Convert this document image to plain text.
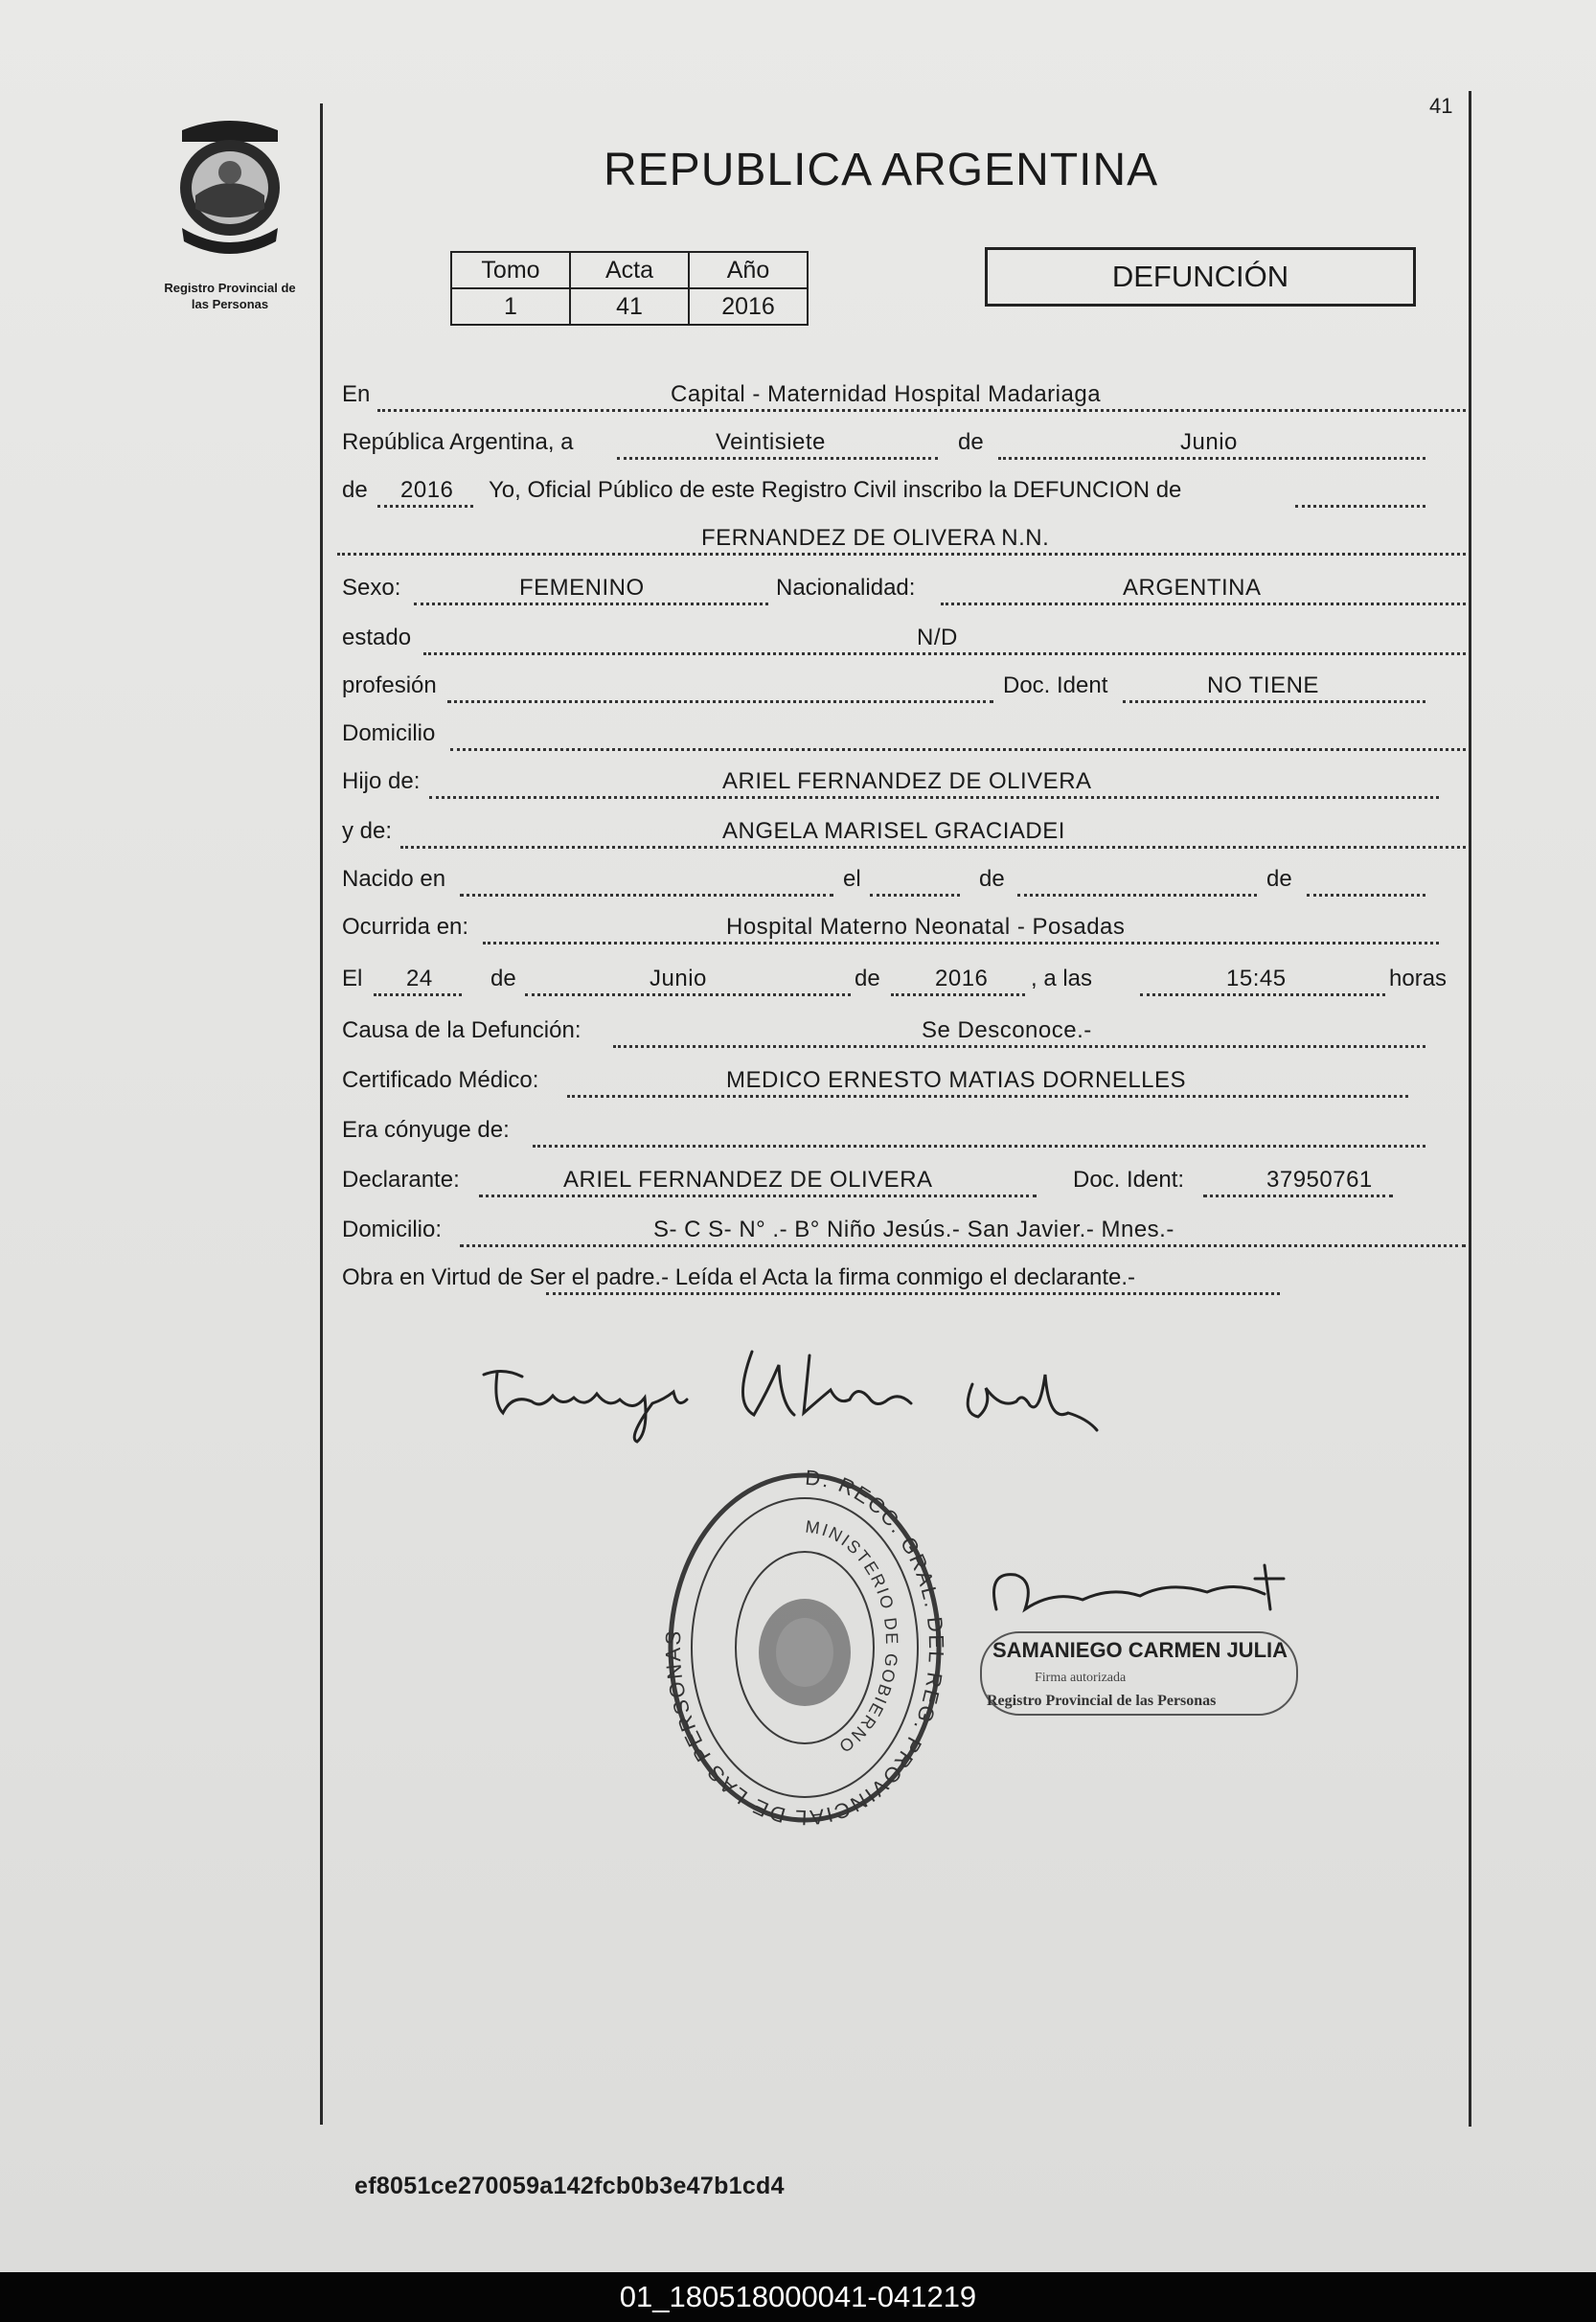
41
Registro Provincial de
las Personas
REPUBLICA ARGENTINA
Tomo	Acta	Año
1	41	2016
DEFUNCIÓN
En	Capital - Maternidad Hospital Madariaga
República Argentina, a	Veintisiete	de	Junio
de 2016 Yo, Oficial Público de este Registro Civil inscribo la DEFUNCION de
FERNANDEZ DE OLIVERA N.N.
Sexo:	FEMENINO	Nacionalidad:	ARGENTINA
estado	N/D
profesión	Doc. Ident	NO TIENE
Domicilio
Hijo de:	ARIEL FERNANDEZ DE OLIVERA
y de:	ANGELA MARISEL GRACIADEI
Nacido en	el	de	de
Ocurrida en:	Hospital Materno Neonatal - Posadas
El 24	de	Junio	de 2016 , a las	15:45	horas
Causa de la Defunción:	Se Desconoce.-
Certificado Médico:	MEDICO ERNESTO MATIAS DORNELLES
Era cónyuge de:
Declarante:	ARIEL FERNANDEZ DE OLIVERA	Doc. Ident:	37950761
Domicilio:	S- C S- N° .- B° Niño Jesús.- San Javier.- Mnes.-
Obra en Virtud de Ser el padre.- Leída el Acta la firma conmigo el declarante.-
D. RECC. GRAL. DEL REG. PROVINCIAL DE LAS PERSONAS
MINISTERIO DE GOBIERNO
SAMANIEGO CARMEN JULIA
Firma autorizada
Registro Provincial de las Personas
ef8051ce270059a142fcb0b3e47b1cd4
01_180518000041-041219
